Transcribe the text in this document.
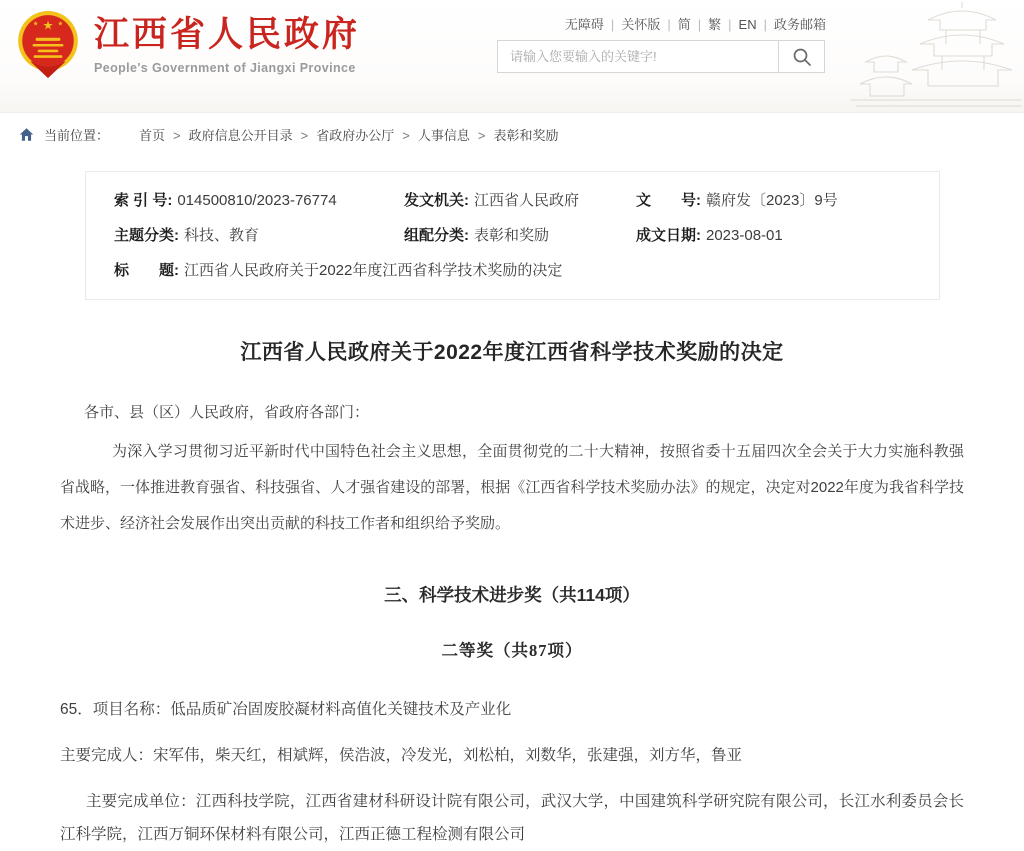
★
★	★ 江西省人民政府
People's Government of Jiangxi Province
无障碍 | 关怀版 | 简 | 繁 | EN | 政务邮箱
请输入您要输入的关键字!
当前位置： 首页 >	政府信息公开目录 >	省政府办公厅 >	人事信息 >	表彰和奖励
索 引 号: 014500810/2023-76774	发文机关: 江西省人民政府	文　　号: 赣府发〔2023〕9号
主题分类: 科技、教育	组配分类: 表彰和奖励	成文日期: 2023-08-01
标　　题: 江西省人民政府关于2022年度江西省科学技术奖励的决定
江西省人民政府关于2022年度江西省科学技术奖励的决定

各市、县（区）人民政府，省政府各部门：

为深入学习贯彻习近平新时代中国特色社会主义思想，全面贯彻党的二十大精神，按照省委十五届四次全会关于大力实施科教强省战略，一体推进教育强省、科技强省、人才强省建设的部署，根据《江西省科学技术奖励办法》的规定，决定对2022年度为我省科学技术进步、经济社会发展作出突出贡献的科技工作者和组织给予奖励。

三、科学技术进步奖（共114项）
二等奖（共87项）

65．项目名称：低品质矿冶固废胶凝材料高值化关键技术及产业化

主要完成人：宋军伟，柴天红，相斌辉，侯浩波，冷发光，刘松柏，刘数华，张建强，刘方华，鲁亚

主要完成单位：江西科技学院，江西省建材科研设计院有限公司，武汉大学，中国建筑科学研究院有限公司，长江水利委员会长江科学院，江西万铜环保材料有限公司，江西正德工程检测有限公司
